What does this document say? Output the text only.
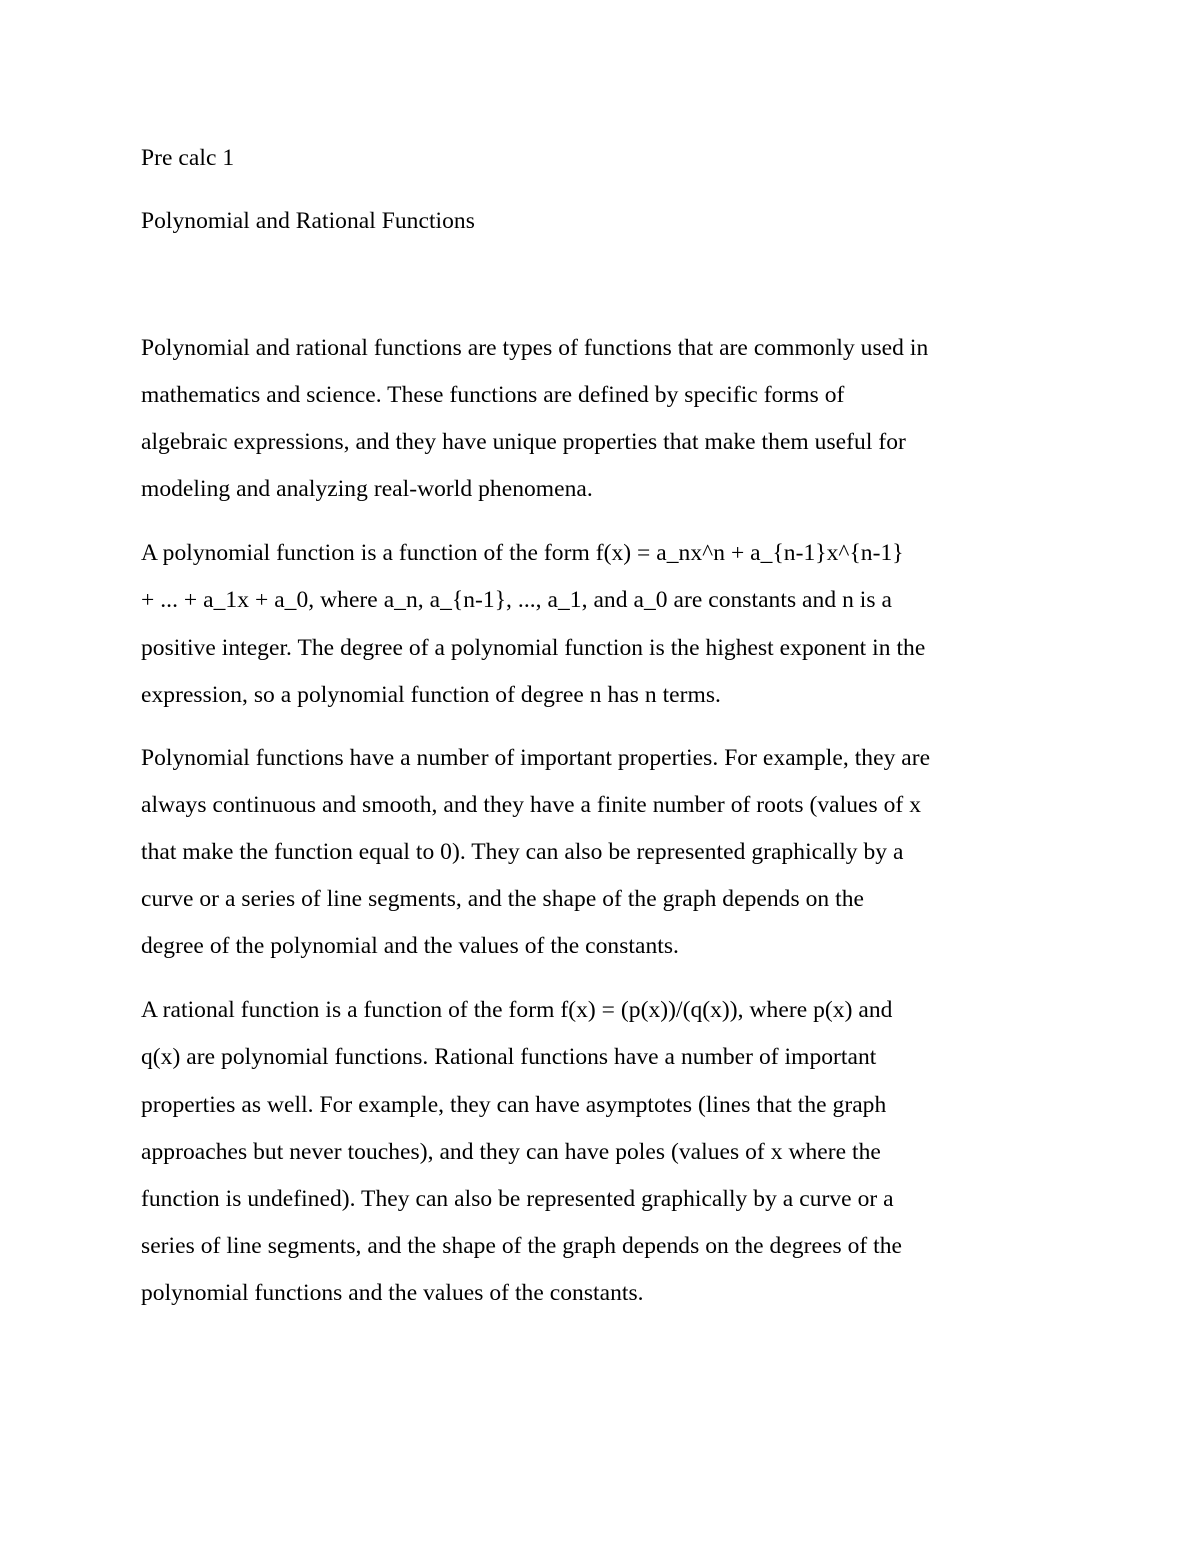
Pre calc 1
Polynomial and Rational Functions
Polynomial and rational functions are types of functions that are commonly used in
mathematics and science. These functions are defined by specific forms of
algebraic expressions, and they have unique properties that make them useful for
modeling and analyzing real-world phenomena.
A polynomial function is a function of the form f(x) = a_nx^n + a_{n-1}x^{n-1}
+ ... + a_1x + a_0, where a_n, a_{n-1}, ..., a_1, and a_0 are constants and n is a
positive integer. The degree of a polynomial function is the highest exponent in the
expression, so a polynomial function of degree n has n terms.
Polynomial functions have a number of important properties. For example, they are
always continuous and smooth, and they have a finite number of roots (values of x
that make the function equal to 0). They can also be represented graphically by a
curve or a series of line segments, and the shape of the graph depends on the
degree of the polynomial and the values of the constants.
A rational function is a function of the form f(x) = (p(x))/(q(x)), where p(x) and
q(x) are polynomial functions. Rational functions have a number of important
properties as well. For example, they can have asymptotes (lines that the graph
approaches but never touches), and they can have poles (values of x where the
function is undefined). They can also be represented graphically by a curve or a
series of line segments, and the shape of the graph depends on the degrees of the
polynomial functions and the values of the constants.
